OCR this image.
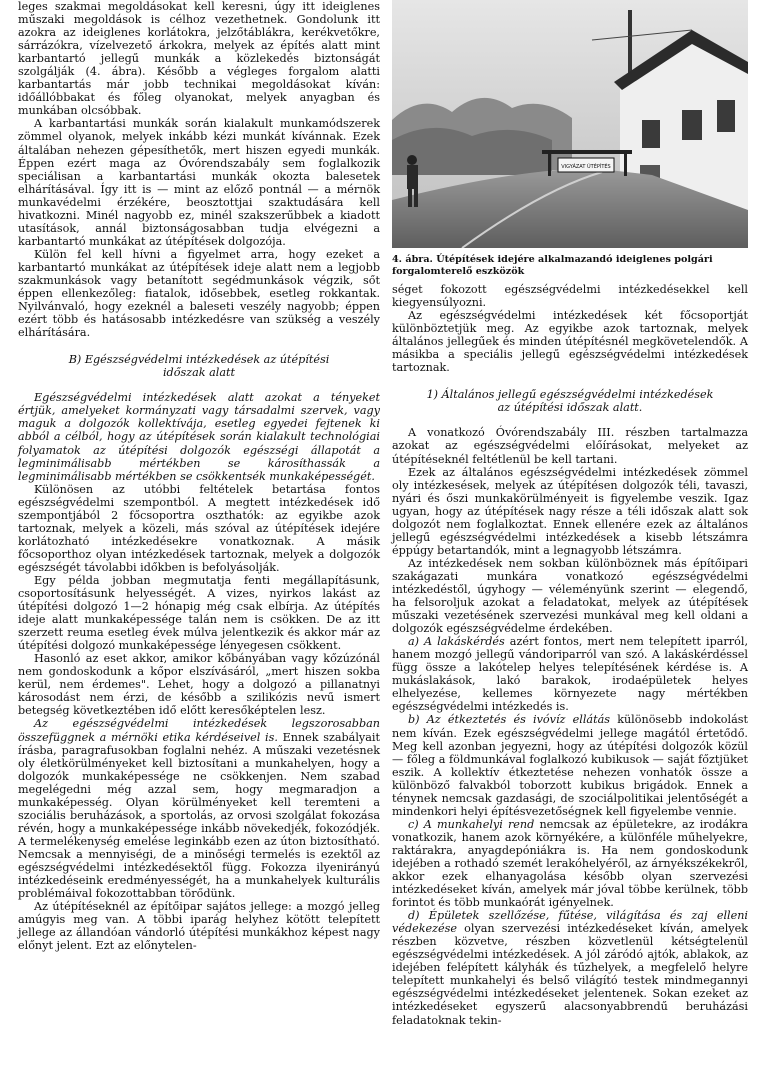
leges szakmai megoldásokat kell keresni, úgy itt ideiglenes műszaki megoldások is célhoz vezethetnek. Gondolunk itt azokra az ideiglenes korlátokra, jelzőtáblákra, kerékvetőkre, sárrázókra, vízelvezető árkokra, melyek az építés alatt mint karbantartó jellegű munkák a közlekedés biztonságát szolgálják (4. ábra). Később a végleges forgalom alatti karbantartás már jobb technikai megoldásokat kíván: időállóbbakat és főleg olyanokat, melyek anyagban és munkában olcsóbbak.

A karbantartási munkák során kialakult munkamódszerek zömmel olyanok, melyek inkább kézi munkát kívánnak. Ezek általában nehezen gépesíthetők, mert hiszen egyedi munkák. Éppen ezért maga az Óvórendszabály sem foglalkozik speciálisan a karbantartási munkák okozta balesetek elhárításával. Így itt is — mint az előző pontnál — a mérnök munkavédelmi érzékére, beosztottjai szaktudására kell hivatkozni. Minél nagyobb ez, minél szakszerűbbek a kiadott utasítások, annál biztonságosabban tudja elvégezni a karbantartó munkákat az útépítések dolgozója.

Külön fel kell hívni a figyelmet arra, hogy ezeket a karbantartó munkákat az útépítések ideje alatt nem a legjobb szakmunkások vagy betanított segédmunkások végzik, sőt éppen ellenkezőleg: fiatalok, idősebbek, esetleg rokkantak. Nyilvánvaló, hogy ezeknél a baleseti veszély nagyobb; éppen ezért több és hatásosabb intézkedésre van szükség a veszély elhárítására.

B) Egészségvédelmi intézkedések az útépítési
időszak alatt

Egészségvédelmi intézkedések alatt azokat a tényeket értjük, amelyeket kormányzati vagy társadalmi szervek, vagy maguk a dolgozók kollektívája, esetleg egyedei fejtenek ki abból a célból, hogy az útépítések során kialakult technológiai folyamatok az útépítési dolgozók egészségi állapotát a legminimálisabb mértékben se károsíthassák a legminimálisabb mértékben se csökkentsék munkaképességét.

Különösen az utóbbi feltételek betartása fontos egészségvédelmi szempontból. A megtett intézkedések idő szempontjából 2 főcsoportra oszthatók: az egyikbe azok tartoznak, melyek a közeli, más szóval az útépítések idejére korlátozható intézkedésekre vonatkoznak. A másik főcsoporthoz olyan intézkedések tartoznak, melyek a dolgozók egészségét távolabbi időkben is befolyásolják.

Egy példa jobban megmutatja fenti megállapításunk, csoportosításunk helyességét. A vizes, nyirkos lakást az útépítési dolgozó 1—2 hónapig még csak elbírja. Az útépítés ideje alatt munkaképessége talán nem is csökken. De az itt szerzett reuma esetleg évek múlva jelentkezik és akkor már az útépítési dolgozó munkaképessége lényegesen csökkent.

Hasonló az eset akkor, amikor kőbányában vagy kőzúzónál nem gondoskodunk a kőpor elszívásáról, „mert hiszen sokba kerül, nem érdemes". Lehet, hogy a dolgozó a pillanatnyi károsodást nem érzi, de később a szilikózis nevű ismert betegség következtében idő előtt keresőképtelen lesz.

Az egészségvédelmi intézkedések legszorosabban összefüggnek a mérnöki etika kérdéseivel is. Ennek szabályait írásba, paragrafusokban foglalni nehéz. A műszaki vezetésnek oly életkörülményeket kell biztosítani a munkahelyen, hogy a dolgozók munkaképessége ne csökkenjen. Nem szabad megelégedni még azzal sem, hogy megmaradjon a munkaképesség. Olyan körülményeket kell teremteni a szociális beruházások, a sportolás, az orvosi szolgálat fokozása révén, hogy a munkaképessége inkább növekedjék, fokozódjék. A termelékenység emelése leginkább ezen az úton biztosítható. Nemcsak a mennyiségi, de a minőségi termelés is ezektől az egészségvédelmi intézkedésektől függ. Fokozza ilyenirányú intézkedéseink eredményességét, ha a munkahelyek kulturális problémáival fokozottabban törődünk.

Az útépítéseknél az építőipar sajátos jellege: a mozgó jelleg amúgyis meg van. A többi iparág helyhez kötött telepített jellege az állandóan vándorló útépítési munkákhoz képest nagy előnyt jelent. Ezt az előnytelen-

VIGYÁZAT ÚTÉPÍTÉS

4. ábra. Útépítések idejére alkalmazandó ideiglenes polgári forgalomterelő eszközök

séget fokozott egészségvédelmi intézkedésekkel kell kiegyensúlyozni.

Az egészségvédelmi intézkedések két főcsoportját különböztetjük meg. Az egyikbe azok tartoznak, melyek általános jellegűek és minden útépítésnél megkövetelendők. A másikba a speciális jellegű egészségvédelmi intézkedések tartoznak.

1) Általános jellegű egészségvédelmi intézkedések
az útépítési időszak alatt.

A vonatkozó Óvórendszabály III. részben tartalmazza azokat az egészségvédelmi előírásokat, melyeket az útépítéseknél feltétlenül be kell tartani.

Ezek az általános egészségvédelmi intézkedések zömmel oly intézkesések, melyek az útépítésen dolgozók téli, tavaszi, nyári és őszi munkakörülményeit is figyelembe veszik. Igaz ugyan, hogy az útépítések nagy része a téli időszak alatt sok dolgozót nem foglalkoztat. Ennek ellenére ezek az általános jellegű egészségvédelmi intézkedések a kisebb létszámra éppúgy betartandók, mint a legnagyobb létszámra.

Az intézkedések nem sokban különböznek más építőipari szakágazati munkára vonatkozó egészségvédelmi intézkedéstől, úgyhogy — véleményünk szerint — elegendő, ha felsoroljuk azokat a feladatokat, melyek az útépítések műszaki vezetésének szervezési munkával meg kell oldani a dolgozók egészségvédelme érdekében.

a) A lakáskérdés azért fontos, mert nem telepített iparról, hanem mozgó jellegű vándoriparról van szó. A lakáskérdéssel függ össze a lakótelep helyes telepítésének kérdése is. A mukáslakások, lakó barakok, irodaépületek helyes elhelyezése, kellemes környezete nagy mértékben egészségvédelmi intézkedés is.

b) Az étkeztetés és ivóvíz ellátás különösebb indokolást nem kíván. Ezek egészségvédelmi jellege magától értetődő. Meg kell azonban jegyezni, hogy az útépítési dolgozók közül — főleg a földmunkával foglalkozó kubikusok — saját főztjüket eszik. A kollektív étkeztetése nehezen vonhatók össze a különböző falvakból toborzott kubikus brigádok. Ennek a ténynek nemcsak gazdasági, de szociálpolitikai jelentőségét a mindenkori helyi építésvezetőségnek kell figyelembe vennie.

c) A munkahelyi rend nemcsak az épületekre, az irodákra vonatkozik, hanem azok környékére, a különféle műhelyekre, raktárakra, anyagdepóniákra is. Ha nem gondoskodunk idejében a rothadó szemét lerakóhelyéről, az árnyékszékekről, akkor ezek elhanyagolása később olyan szervezési intézkedéseket kíván, amelyek már jóval többe kerülnek, több forintot és több munkaórát igényelnek.

d) Épületek szellőzése, fűtése, világítása és zaj elleni védekezése olyan szervezési intézkedéseket kíván, amelyek részben közvetve, részben közvetlenül kétségtelenül egészségvédelmi intézkedések. A jól záródó ajtók, ablakok, az idejében felépített kályhák és tűzhelyek, a megfelelő helyre telepített munkahelyi és belső világító testek mindmegannyi egészségvédelmi intézkedéseket jelentenek. Sokan ezeket az intézkedéseket egyszerű alacsonyabbrendű beruházási feladatoknak tekin-
